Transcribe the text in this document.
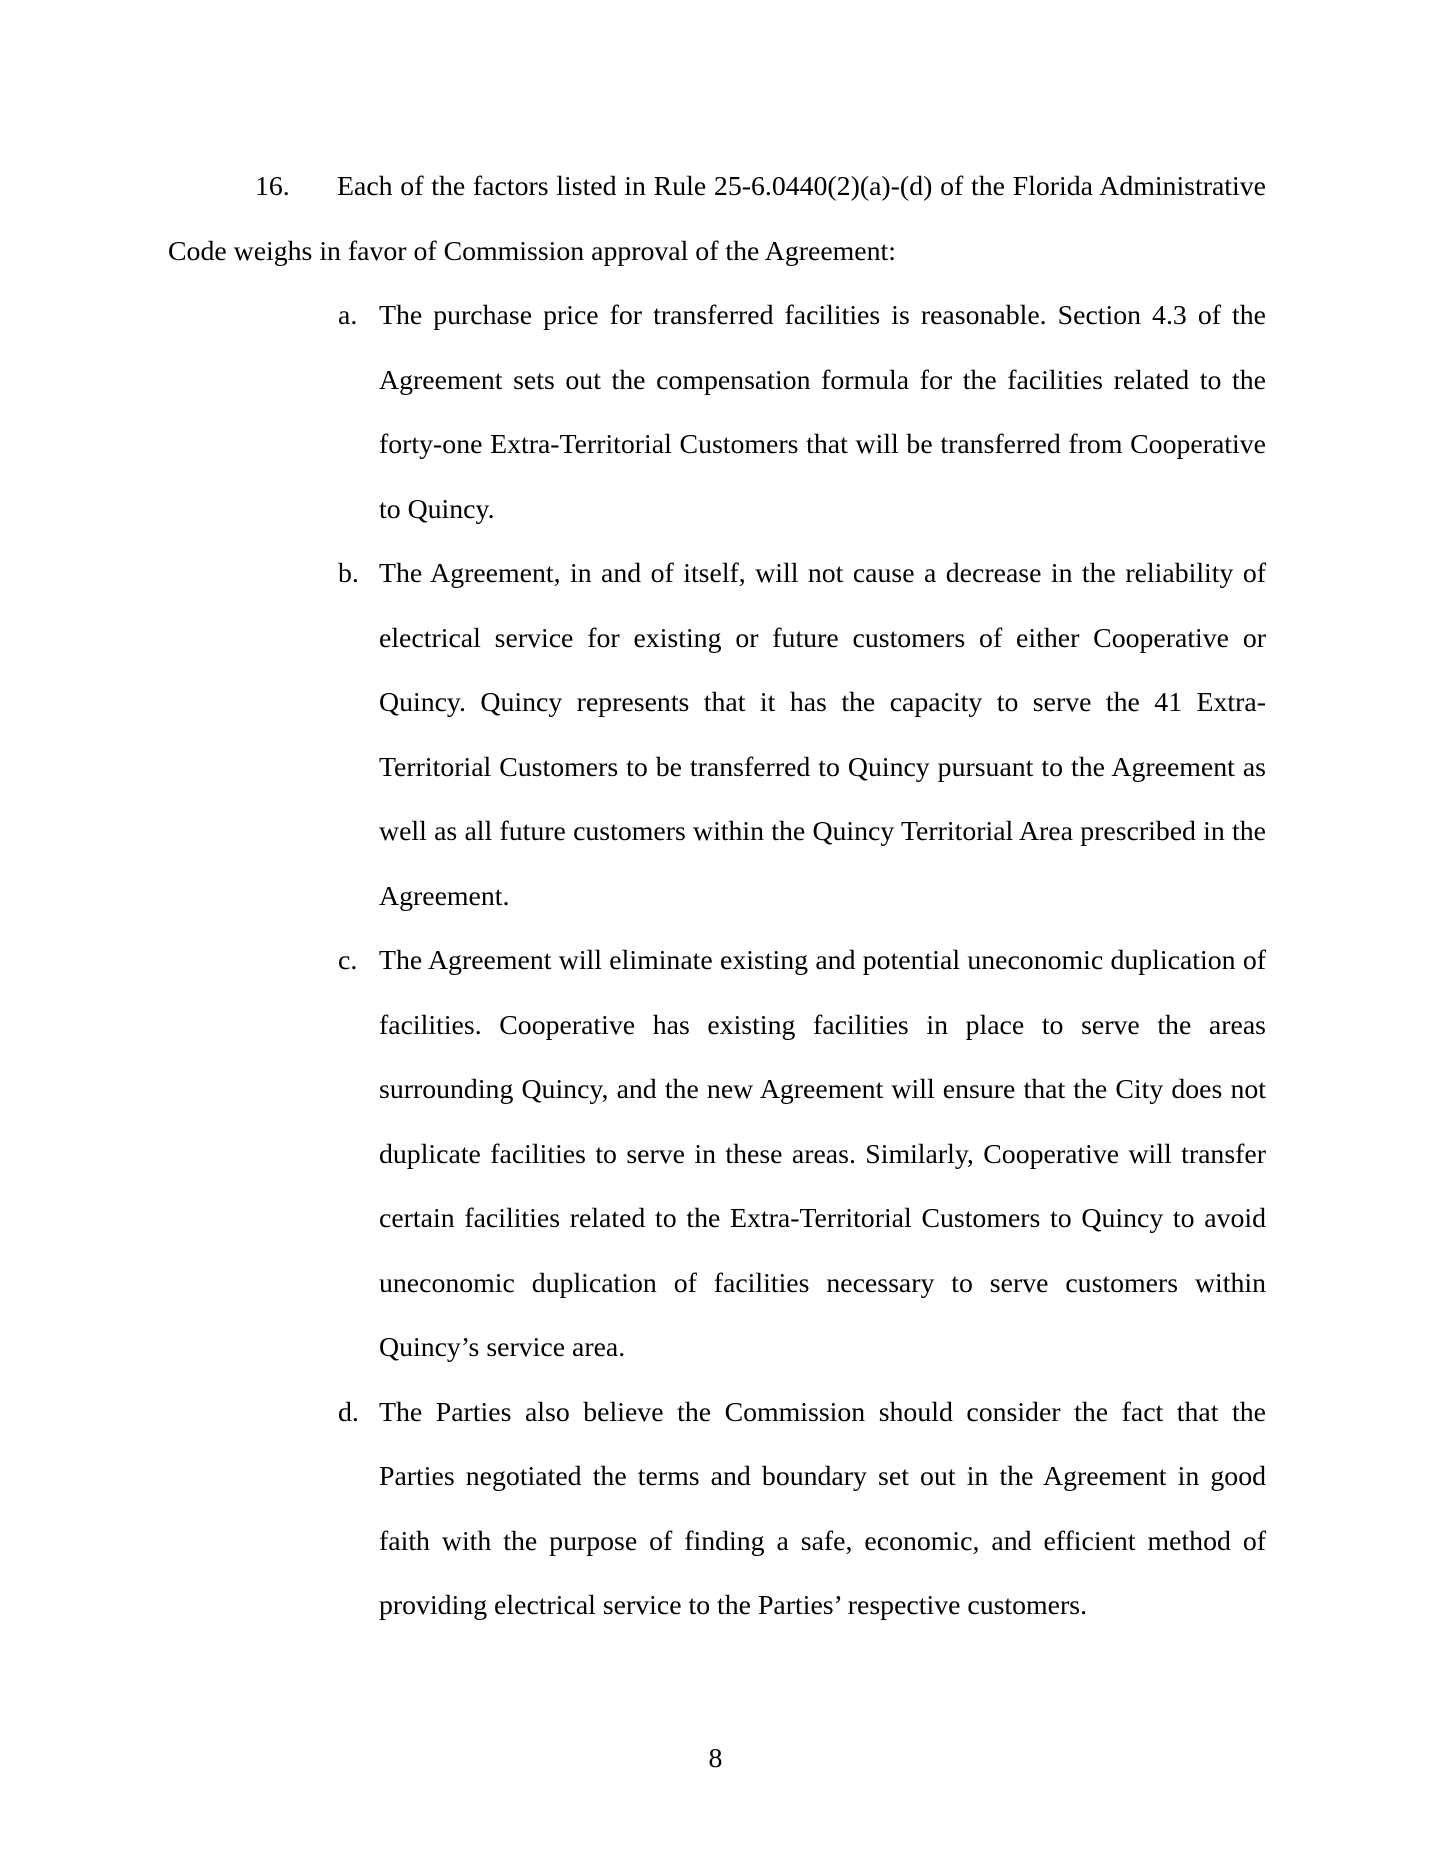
16. Each of the factors listed in Rule 25-6.0440(2)(a)-(d) of the Florida Administrative
Code weighs in favor of Commission approval of the Agreement:
a. The purchase price for transferred facilities is reasonable. Section 4.3 of the
Agreement sets out the compensation formula for the facilities related to the
forty-one Extra-Territorial Customers that will be transferred from Cooperative
to Quincy.
b. The Agreement, in and of itself, will not cause a decrease in the reliability of
electrical service for existing or future customers of either Cooperative or
Quincy. Quincy represents that it has the capacity to serve the 41 Extra-
Territorial Customers to be transferred to Quincy pursuant to the Agreement as
well as all future customers within the Quincy Territorial Area prescribed in the
Agreement.
c. The Agreement will eliminate existing and potential uneconomic duplication of
facilities. Cooperative has existing facilities in place to serve the areas
surrounding Quincy, and the new Agreement will ensure that the City does not
duplicate facilities to serve in these areas. Similarly, Cooperative will transfer
certain facilities related to the Extra-Territorial Customers to Quincy to avoid
uneconomic duplication of facilities necessary to serve customers within
Quincy’s service area.
d. The Parties also believe the Commission should consider the fact that the
Parties negotiated the terms and boundary set out in the Agreement in good
faith with the purpose of finding a safe, economic, and efficient method of
providing electrical service to the Parties’ respective customers.
8
